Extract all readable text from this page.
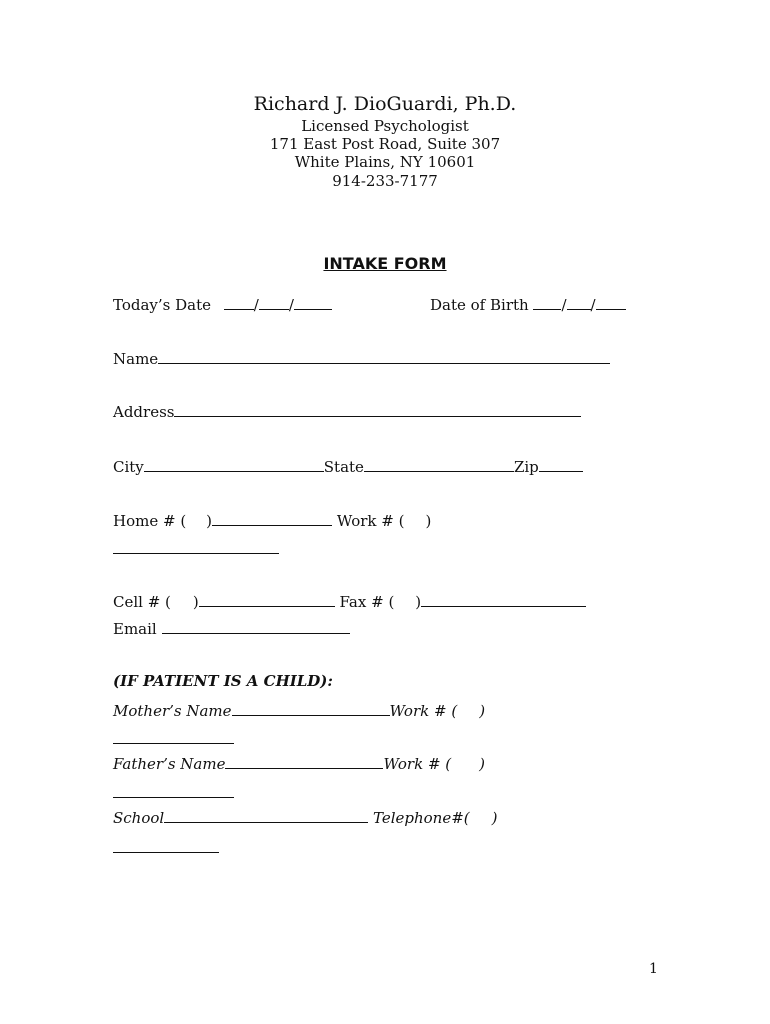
Richard J. DioGuardi, Ph.D.
Licensed Psychologist
171 East Post Road, Suite 307
White Plains, NY 10601
914-233-7177
INTAKE FORM
Today’s Date	/ /	Date of Birth / /
Name
Address
City	State	Zip
Home # ( )	Work # ( )
Cell # ( )	Fax # ( )
Email
(IF PATIENT IS A CHILD):
Mother’s Name	Work # ( )
Father’s Name	Work # ( )
School	Telephone#( )
1
